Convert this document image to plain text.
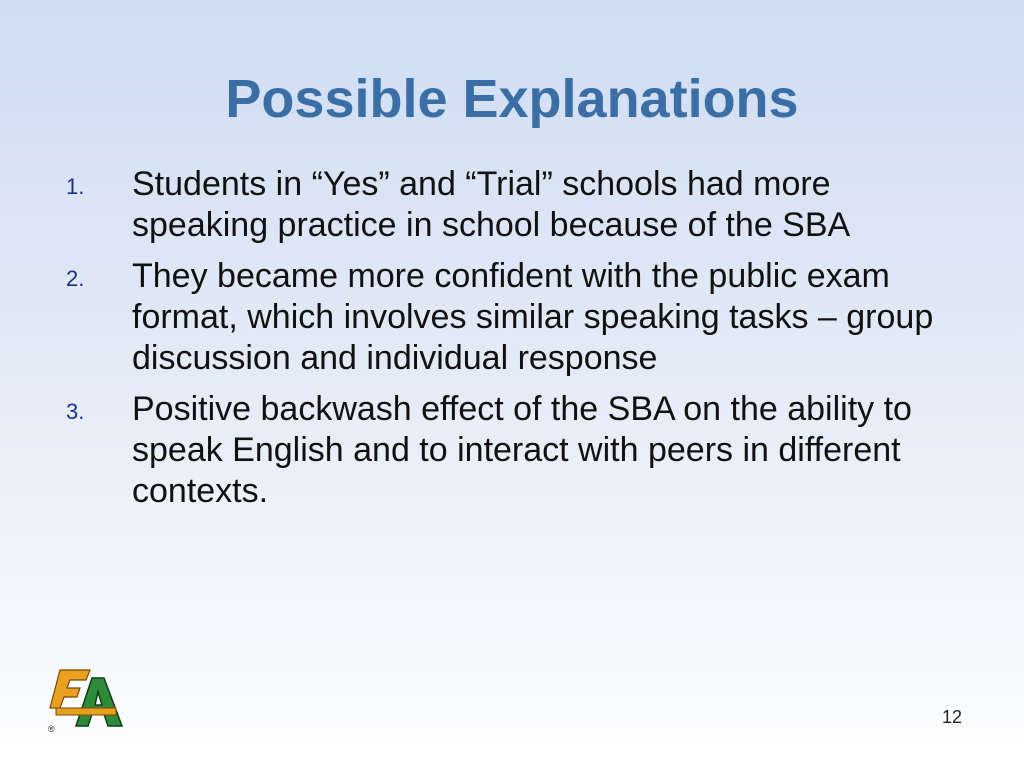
Possible Explanations
1.	Students in “Yes” and “Trial” schools had more speaking practice in school because of the SBA
2.	They became more confident with the public exam format, which involves similar speaking tasks – group discussion and individual response
3.	Positive backwash effect of the SBA on the ability to speak English and to interact with peers in different contexts.
®
12
